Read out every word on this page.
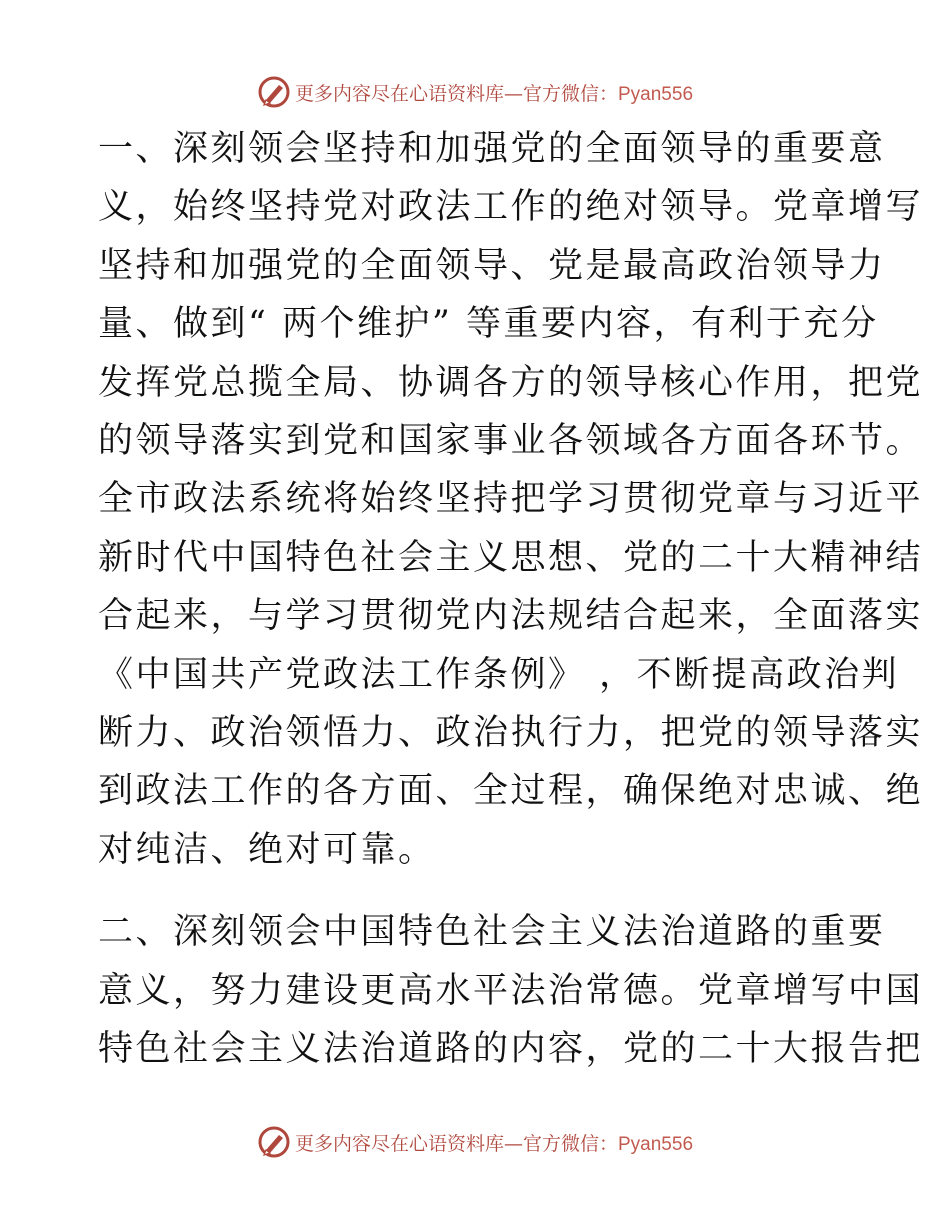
更多内容尽在心语资料库—官方微信：Pyan556

一、深刻领会坚持和加强党的全面领导的重要意
义，始终坚持党对政法工作的绝对领导。党章增写
坚持和加强党的全面领导、党是最高政治领导力
量、做到“ 两个维护” 等重要内容，有利于充分
发挥党总揽全局、协调各方的领导核心作用，把党
的领导落实到党和国家事业各领域各方面各环节。
全市政法系统将始终坚持把学习贯彻党章与习近平
新时代中国特色社会主义思想、党的二十大精神结
合起来，与学习贯彻党内法规结合起来，全面落实
《中国共产党政法工作条例》 ，不断提高政治判
断力、政治领悟力、政治执行力，把党的领导落实
到政法工作的各方面、全过程，确保绝对忠诚、绝
对纯洁、绝对可靠。

二、深刻领会中国特色社会主义法治道路的重要
意义，努力建设更高水平法治常德。党章增写中国
特色社会主义法治道路的内容，党的二十大报告把

更多内容尽在心语资料库—官方微信：Pyan556
